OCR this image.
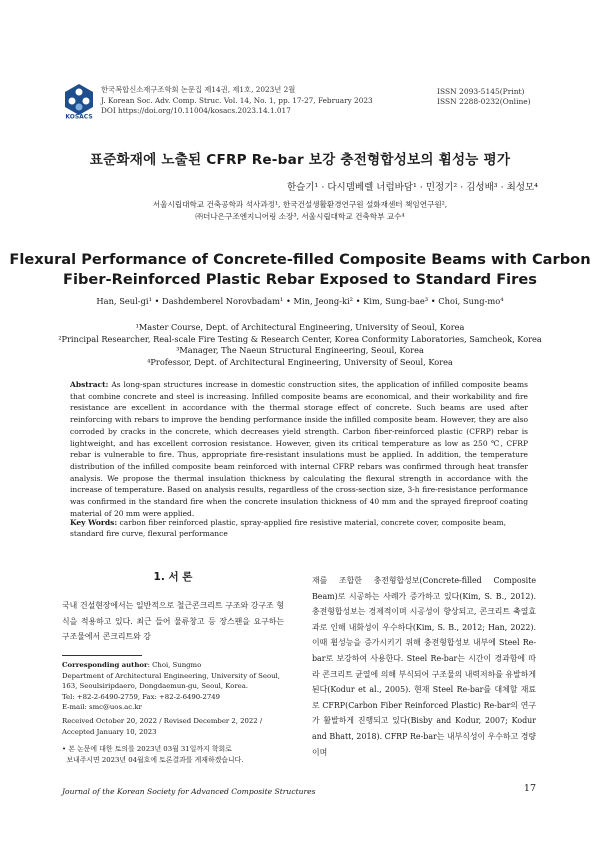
KOSACS
한국복합신소재구조학회 논문집 제14권, 제1호, 2023년 2월
J. Korean Soc. Adv. Comp. Struc. Vol. 14, No. 1, pp. 17-27, February 2023
DOI https://doi.org/10.11004/kosacs.2023.14.1.017
ISSN 2093-5145(Print)
ISSN 2288-0232(Online)
표준화재에 노출된 CFRP Re-bar 보강 충전형합성보의 휨성능 평가
한슬기¹ · 다시뎀베렐 너럽바담¹ · 민정기² · 김성배³ · 최성모⁴
서울시립대학교 건축공학과 석사과정¹, 한국건설생활환경연구원 설화재센터 책임연구원²,
㈜더나은구조엔지니어링 소장³, 서울시립대학교 건축학부 교수⁴
Flexural Performance of Concrete-filled Composite Beams with Carbon
Fiber-Reinforced Plastic Rebar Exposed to Standard Fires
Han, Seul-gi¹ • Dashdemberel Norovbadam¹ • Min, Jeong-ki² • Kim, Sung-bae³ • Choi, Sung-mo⁴
¹Master Course, Dept. of Architectural Engineering, University of Seoul, Korea
²Principal Researcher, Real-scale Fire Testing & Research Center, Korea Conformity Laboratories, Samcheok, Korea
³Manager, The Naeun Structural Engineering, Seoul, Korea
⁴Professor, Dept. of Architectural Engineering, University of Seoul, Korea
Abstract: As long-span structures increase in domestic construction sites, the application of infilled composite beams that combine concrete and steel is increasing. Infilled composite beams are economical, and their workability and fire resistance are excellent in accordance with the thermal storage effect of concrete. Such beams are used after reinforcing with rebars to improve the bending performance inside the infilled composite beam. However, they are also corroded by cracks in the concrete, which decreases yield strength. Carbon fiber-reinforced plastic (CFRP) rebar is lightweight, and has excellent corrosion resistance. However, given its critical temperature as low as 250 ℃, CFRP rebar is vulnerable to fire. Thus, appropriate fire-resistant insulations must be applied. In addition, the temperature distribution of the infilled composite beam reinforced with internal CFRP rebars was confirmed through heat transfer analysis. We propose the thermal insulation thickness by calculating the flexural strength in accordance with the increase of temperature. Based on analysis results, regardless of the cross-section size, 3-h fire-resistance performance was confirmed in the standard fire when the concrete insulation thickness of 40 mm and the sprayed fireproof coating material of 20 mm were applied.
Key Words: carbon fiber reinforced plastic, spray-applied fire resistive material, concrete cover, composite beam, standard fire curve, flexural performance
1. 서 론
국내 건설현장에서는 일반적으로 철근콘크리트 구조와 강구조 형식을 적용하고 있다. 최근 들어 물류창고 등 장스팬을 요구하는 구조물에서 콘크리트와 강
Corresponding author: Choi, Sungmo
Department of Architectural Engineering, University of Seoul,
163, Seoulsiripdaero, Dongdaemun-gu, Seoul, Korea.
Tel: +82-2-6490-2759, Fax: +82-2-6490-2749
E-mail: smc@uos.ac.kr
Received October 20, 2022 / Revised December 2, 2022 /
Accepted January 10, 2023
• 본 논문에 대한 토의를 2023년 03월 31일까지 학회로
보내주시면 2023년 04월호에 토론결과를 게재하겠습니다.
재를 조합한 충전형합성보(Concrete-filled Composite Beam)로 시공하는 사례가 증가하고 있다(Kim, S. B., 2012). 충전형합성보는 경제적이며 시공성이 향상되고, 콘크리트 축열효과로 인해 내화성이 우수하다(Kim, S. B., 2012; Han, 2022). 이때 휨성능을 증가시키기 위해 충전형합성보 내부에 Steel Re-bar로 보강하여 사용한다. Steel Re-bar는 시간이 경과함에 따라 콘크리트 균열에 의해 부식되어 구조물의 내력저하를 유발하게 된다(Kodur et al., 2005). 현재 Steel Re-bar를 대체할 재료로 CFRP(Carbon Fiber Reinforced Plastic) Re-bar의 연구가 활발하게 진행되고 있다(Bisby and Kodur, 2007; Kodur and Bhatt, 2018). CFRP Re-bar는 내부식성이 우수하고 경량이며
Journal of the Korean Society for Advanced Composite Structures	17
